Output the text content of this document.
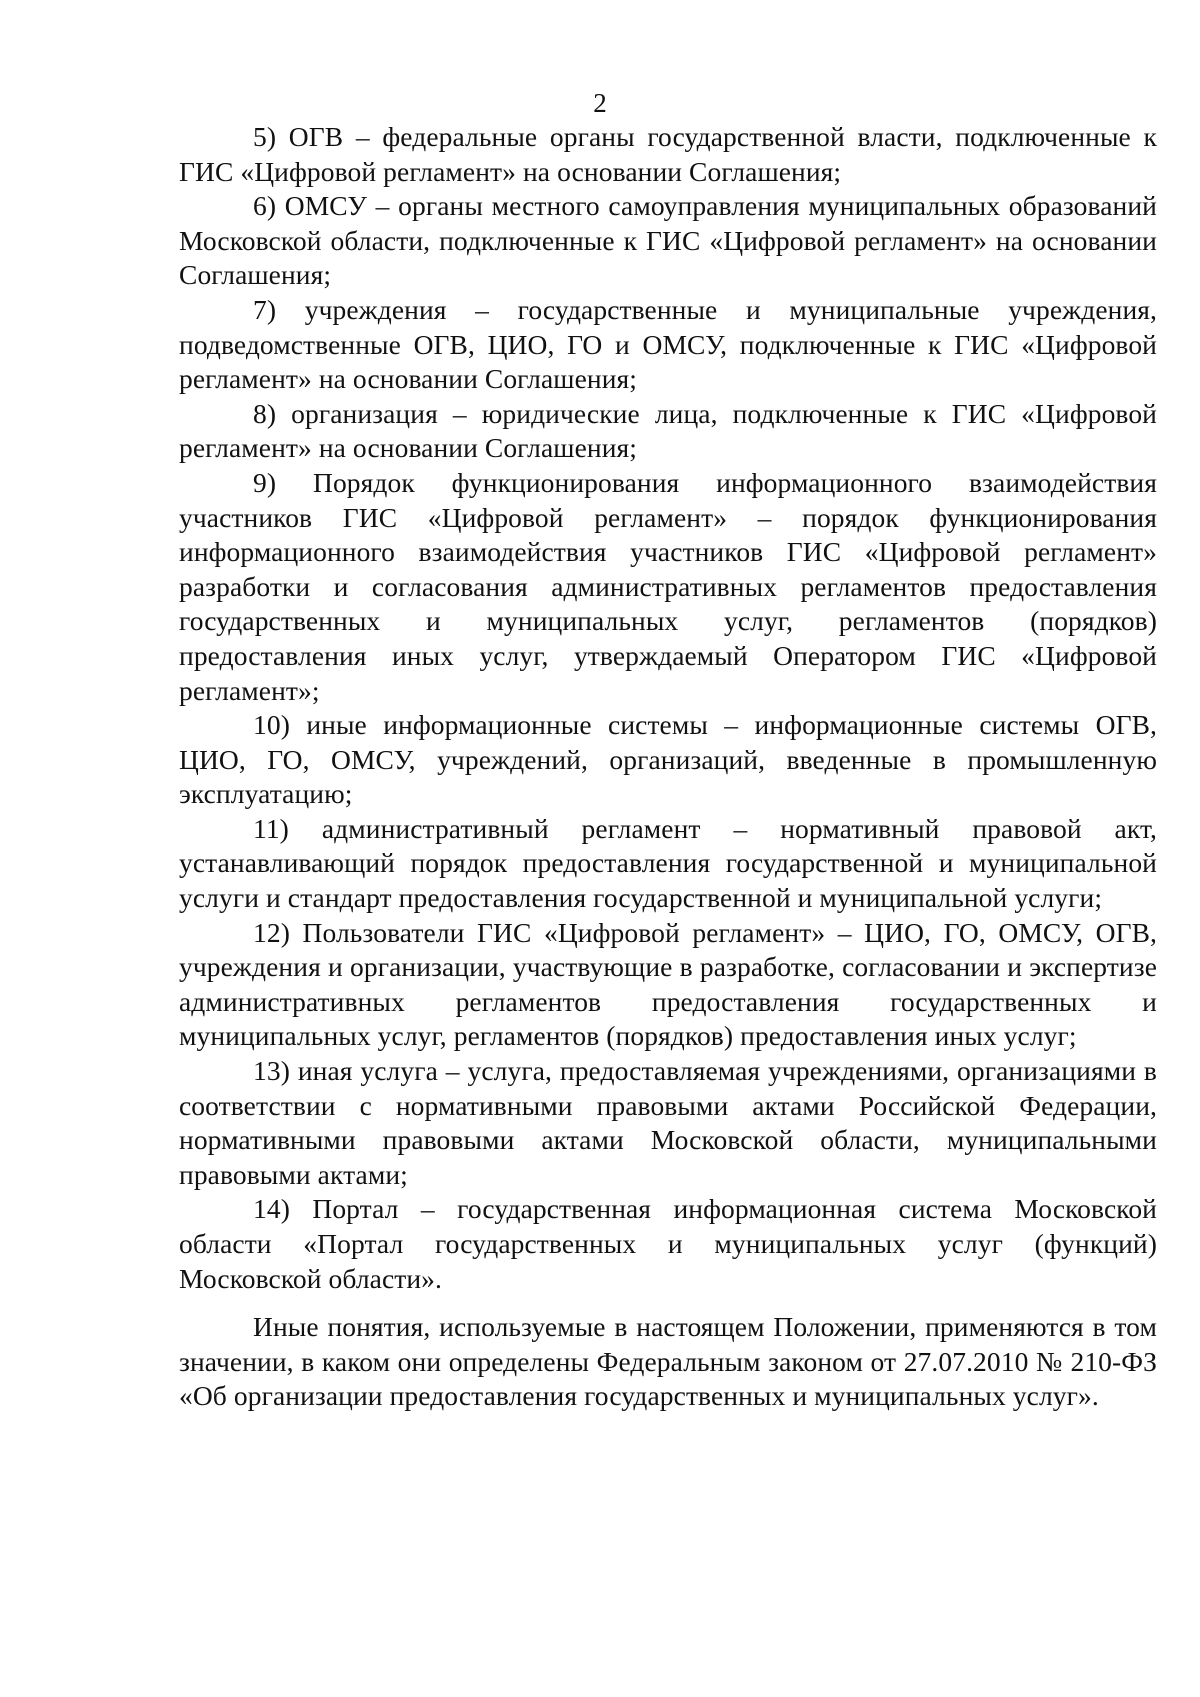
2

5) ОГВ – федеральные органы государственной власти, подключенные к ГИС «Цифровой регламент» на основании Соглашения;

6) ОМСУ – органы местного самоуправления муниципальных образований Московской области, подключенные к ГИС «Цифровой регламент» на основании Соглашения;

7) учреждения – государственные и муниципальные учреждения, подведомственные ОГВ, ЦИО, ГО и ОМСУ, подключенные к ГИС «Цифровой регламент» на основании Соглашения;

8) организация – юридические лица, подключенные к ГИС «Цифровой регламент» на основании Соглашения;

9) Порядок функционирования информационного взаимодействия участников ГИС «Цифровой регламент» – порядок функционирования информационного взаимодействия участников ГИС «Цифровой регламент» разработки и согласования административных регламентов предоставления государственных и муниципальных услуг, регламентов (порядков) предоставления иных услуг, утверждаемый Оператором ГИС «Цифровой регламент»;

10) иные информационные системы – информационные системы ОГВ, ЦИО, ГО, ОМСУ, учреждений, организаций, введенные в промышленную эксплуатацию;

11) административный регламент – нормативный правовой акт, устанавливающий порядок предоставления государственной и муниципальной услуги и стандарт предоставления государственной и муниципальной услуги;

12) Пользователи ГИС «Цифровой регламент» – ЦИО, ГО, ОМСУ, ОГВ, учреждения и организации, участвующие в разработке, согласовании и экспертизе административных регламентов предоставления государственных и муниципальных услуг, регламентов (порядков) предоставления иных услуг;

13) иная услуга – услуга, предоставляемая учреждениями, организациями в соответствии с нормативными правовыми актами Российской Федерации, нормативными правовыми актами Московской области, муниципальными правовыми актами;

14) Портал – государственная информационная система Московской области «Портал государственных и муниципальных услуг (функций) Московской области».

Иные понятия, используемые в настоящем Положении, применяются в том значении, в каком они определены Федеральным законом от 27.07.2010 № 210-ФЗ «Об организации предоставления государственных и муниципальных услуг».
